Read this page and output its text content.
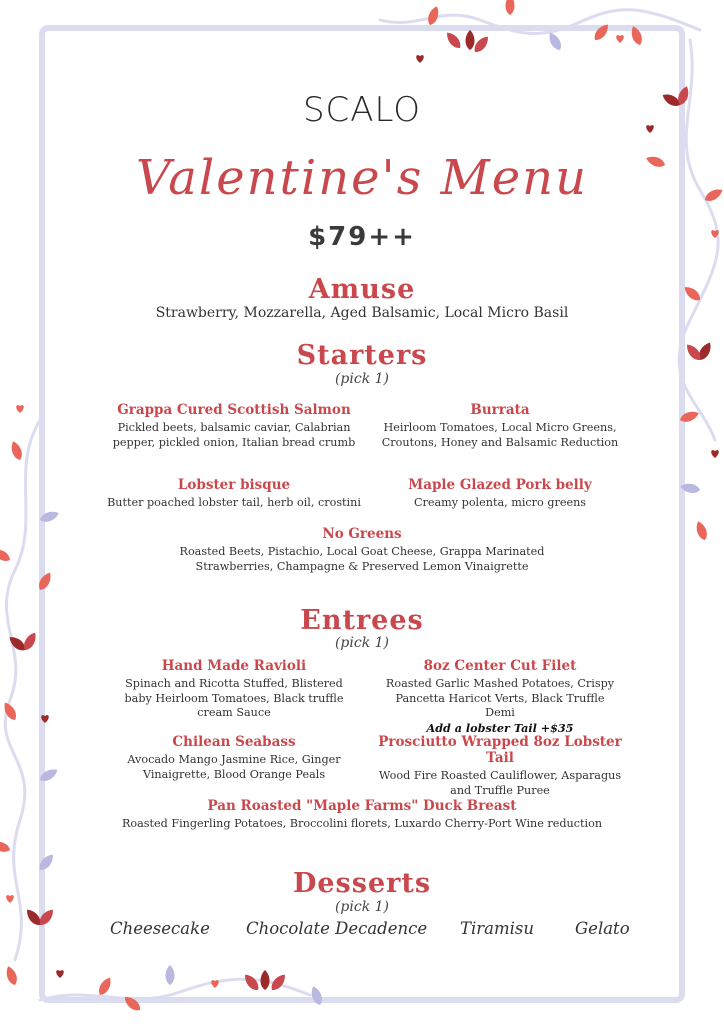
SCALO
Valentine's Menu
$79++
Amuse
Strawberry, Mozzarella, Aged Balsamic, Local Micro Basil
Starters
(pick 1)
Grappa Cured Scottish Salmon
Pickled beets, balsamic caviar, Calabrian pepper, pickled onion, Italian bread crumb
Burrata
Heirloom Tomatoes, Local Micro Greens, Croutons, Honey and Balsamic Reduction
Lobster bisque
Butter poached lobster tail, herb oil, crostini
Maple Glazed Pork belly
Creamy polenta, micro greens
No Greens
Roasted Beets, Pistachio, Local Goat Cheese, Grappa Marinated Strawberries, Champagne & Preserved Lemon Vinaigrette
Entrees
(pick 1)
Hand Made Ravioli
Spinach and Ricotta Stuffed, Blistered baby Heirloom Tomatoes, Black truffle cream Sauce
8oz Center Cut Filet
Roasted Garlic Mashed Potatoes, Crispy Pancetta Haricot Verts, Black Truffle Demi
Add a lobster Tail +$35
Chilean Seabass
Avocado Mango Jasmine Rice, Ginger Vinaigrette, Blood Orange Peals
Prosciutto Wrapped 8oz Lobster Tail
Wood Fire Roasted Cauliflower, Asparagus and Truffle Puree
Pan Roasted "Maple Farms" Duck Breast
Roasted Fingerling Potatoes, Broccolini florets, Luxardo Cherry-Port Wine reduction
Desserts
(pick 1)
Cheesecake Chocolate Decadence Tiramisu Gelato
